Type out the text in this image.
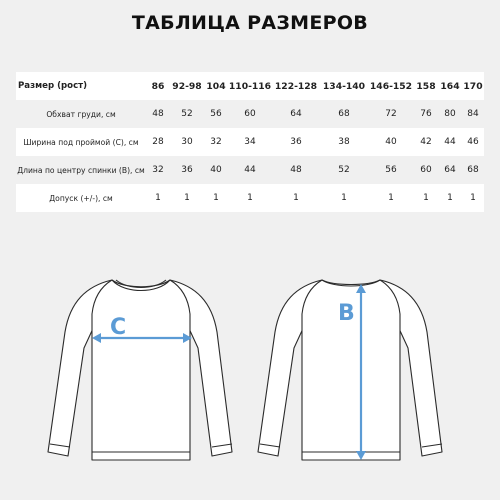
ТАБЛИЦА РАЗМЕРОВ
Размер (рост)	86	92-98	104	110-116	122-128	134-140	146-152	158	164	170
Обхват груди, см	48	52	56	60	64	68	72	76	80	84
Ширина под проймой (С), см	28	30	32	34	36	38	40	42	44	46
Длина по центру спинки (В), см	32	36	40	44	48	52	56	60	64	68
Допуск (+/-), см	1	1	1	1	1	1	1	1	1	1
C
B
